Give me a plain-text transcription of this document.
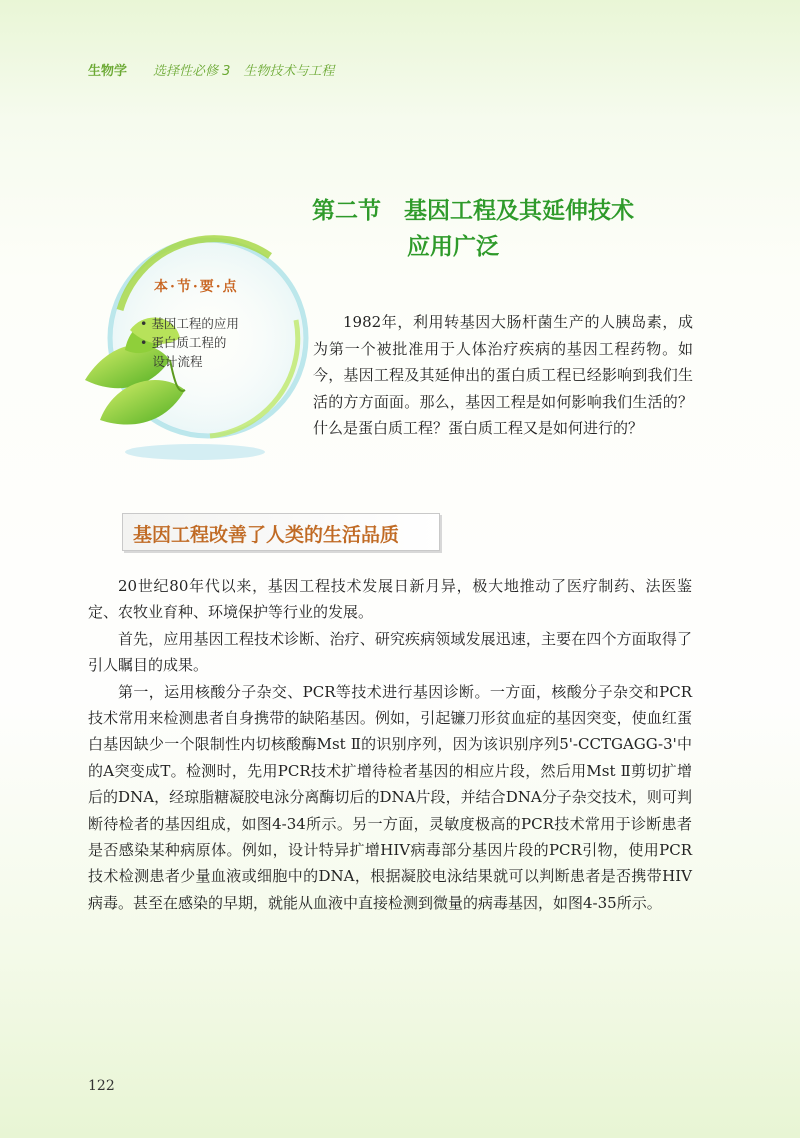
生物学 选择性必修 3　生物技术与工程
第二节　基因工程及其延伸技术
应用广泛
本·节·要·点
• 基因工程的应用
• 蛋白质工程的
　设计流程

1982年，利用转基因大肠杆菌生产的人胰岛素，成为第一个被批准用于人体治疗疾病的基因工程药物。如今，基因工程及其延伸出的蛋白质工程已经影响到我们生活的方方面面。那么，基因工程是如何影响我们生活的？什么是蛋白质工程？蛋白质工程又是如何进行的？

基因工程改善了人类的生活品质

20世纪80年代以来，基因工程技术发展日新月异，极大地推动了医疗制药、法医鉴定、农牧业育种、环境保护等行业的发展。

首先，应用基因工程技术诊断、治疗、研究疾病领域发展迅速，主要在四个方面取得了引人瞩目的成果。

第一，运用核酸分子杂交、PCR等技术进行基因诊断。一方面，核酸分子杂交和PCR技术常用来检测患者自身携带的缺陷基因。例如，引起镰刀形贫血症的基因突变，使血红蛋白基因缺少一个限制性内切核酸酶Mst Ⅱ的识别序列，因为该识别序列5'-CCTGAGG-3'中的A突变成T。检测时，先用PCR技术扩增待检者基因的相应片段，然后用Mst Ⅱ剪切扩增后的DNA，经琼脂糖凝胶电泳分离酶切后的DNA片段，并结合DNA分子杂交技术，则可判断待检者的基因组成，如图4-34所示。另一方面，灵敏度极高的PCR技术常用于诊断患者是否感染某种病原体。例如，设计特异扩增HIV病毒部分基因片段的PCR引物，使用PCR技术检测患者少量血液或细胞中的DNA，根据凝胶电泳结果就可以判断患者是否携带HIV病毒。甚至在感染的早期，就能从血液中直接检测到微量的病毒基因，如图4-35所示。

122
